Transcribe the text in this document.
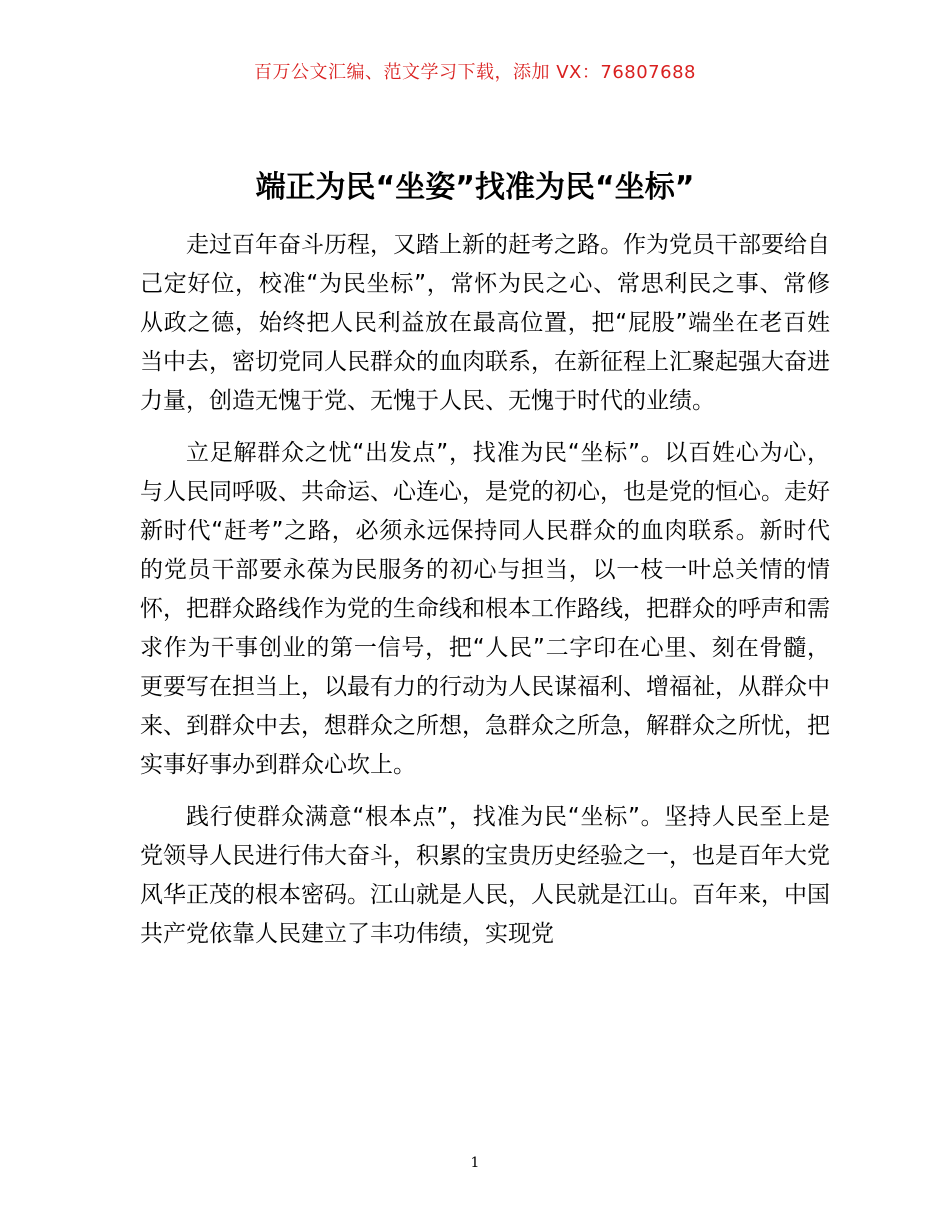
百万公文汇编、范文学习下载，添加 VX：76807688
端正为民“坐姿”找准为民“坐标”

走过百年奋斗历程，又踏上新的赶考之路。作为党员干部要给自己定好位，校准“为民坐标”，常怀为民之心、常思利民之事、常修从政之德，始终把人民利益放在最高位置，把“屁股”端坐在老百姓当中去，密切党同人民群众的血肉联系，在新征程上汇聚起强大奋进力量，创造无愧于党、无愧于人民、无愧于时代的业绩。

立足解群众之忧“出发点”，找准为民“坐标”。以百姓心为心，与人民同呼吸、共命运、心连心，是党的初心，也是党的恒心。走好新时代“赶考”之路，必须永远保持同人民群众的血肉联系。新时代的党员干部要永葆为民服务的初心与担当，以一枝一叶总关情的情怀，把群众路线作为党的生命线和根本工作路线，把群众的呼声和需求作为干事创业的第一信号，把“人民”二字印在心里、刻在骨髓，更要写在担当上，以最有力的行动为人民谋福利、增福祉，从群众中来、到群众中去，想群众之所想，急群众之所急，解群众之所忧，把实事好事办到群众心坎上。

践行使群众满意“根本点”，找准为民“坐标”。坚持人民至上是党领导人民进行伟大奋斗，积累的宝贵历史经验之一，也是百年大党风华正茂的根本密码。江山就是人民，人民就是江山。百年来，中国共产党依靠人民建立了丰功伟绩，实现党

1
